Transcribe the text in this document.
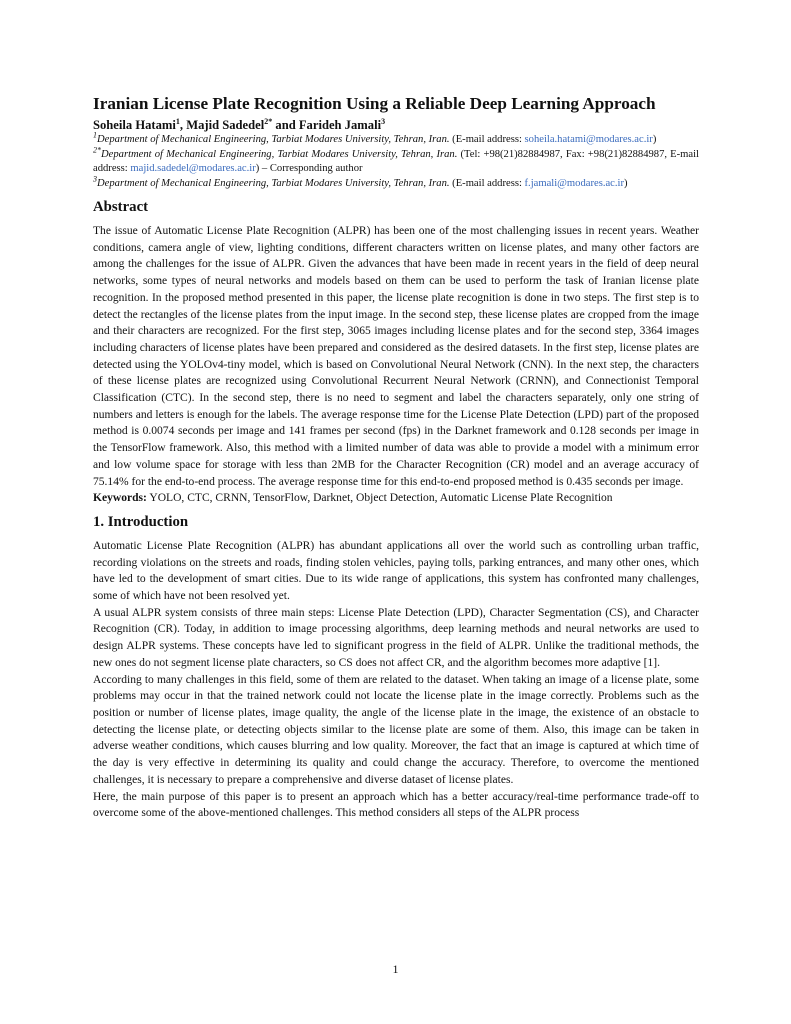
Iranian License Plate Recognition Using a Reliable Deep Learning Approach

Soheila Hatami$^1$, Majid Sadedel$^{2*}$ and Farideh Jamali$^3$

$^1$Department of Mechanical Engineering, Tarbiat Modares University, Tehran, Iran. (E-mail address: soheila.hatami@modares.ac.ir)

$^{2*}$Department of Mechanical Engineering, Tarbiat Modares University, Tehran, Iran. (Tel: +98(21)82884987, Fax: +98(21)82884987, E-mail address: majid.sadedel@modares.ac.ir) – Corresponding author

$^3$Department of Mechanical Engineering, Tarbiat Modares University, Tehran, Iran. (E-mail address: f.jamali@modares.ac.ir)

Abstract

The issue of Automatic License Plate Recognition (ALPR) has been one of the most challenging issues in recent years. Weather conditions, camera angle of view, lighting conditions, different characters written on license plates, and many other factors are among the challenges for the issue of ALPR. Given the advances that have been made in recent years in the field of deep neural networks, some types of neural networks and models based on them can be used to perform the task of Iranian license plate recognition. In the proposed method presented in this paper, the license plate recognition is done in two steps. The first step is to detect the rectangles of the license plates from the input image. In the second step, these license plates are cropped from the image and their characters are recognized. For the first step, 3065 images including license plates and for the second step, 3364 images including characters of license plates have been prepared and considered as the desired datasets. In the first step, license plates are detected using the YOLOv4-tiny model, which is based on Convolutional Neural Network (CNN). In the next step, the characters of these license plates are recognized using Convolutional Recurrent Neural Network (CRNN), and Connectionist Temporal Classification (CTC). In the second step, there is no need to segment and label the characters separately, only one string of numbers and letters is enough for the labels. The average response time for the License Plate Detection (LPD) part of the proposed method is 0.0074 seconds per image and 141 frames per second (fps) in the Darknet framework and 0.128 seconds per image in the TensorFlow framework. Also, this method with a limited number of data was able to provide a model with a minimum error and low volume space for storage with less than 2MB for the Character Recognition (CR) model and an average accuracy of 75.14% for the end-to-end process. The average response time for this end-to-end proposed method is 0.435 seconds per image.

Keywords: YOLO, CTC, CRNN, TensorFlow, Darknet, Object Detection, Automatic License Plate Recognition

1. Introduction

Automatic License Plate Recognition (ALPR) has abundant applications all over the world such as controlling urban traffic, recording violations on the streets and roads, finding stolen vehicles, paying tolls, parking entrances, and many other ones, which have led to the development of smart cities. Due to its wide range of applications, this system has confronted many challenges, some of which have not been resolved yet.

A usual ALPR system consists of three main steps: License Plate Detection (LPD), Character Segmentation (CS), and Character Recognition (CR). Today, in addition to image processing algorithms, deep learning methods and neural networks are used to design ALPR systems. These concepts have led to significant progress in the field of ALPR. Unlike the traditional methods, the new ones do not segment license plate characters, so CS does not affect CR, and the algorithm becomes more adaptive [1].

According to many challenges in this field, some of them are related to the dataset. When taking an image of a license plate, some problems may occur in that the trained network could not locate the license plate in the image correctly. Problems such as the position or number of license plates, image quality, the angle of the license plate in the image, the existence of an obstacle to detecting the license plate, or detecting objects similar to the license plate are some of them. Also, this image can be taken in adverse weather conditions, which causes blurring and low quality. Moreover, the fact that an image is captured at which time of the day is very effective in determining its quality and could change the accuracy. Therefore, to overcome the mentioned challenges, it is necessary to prepare a comprehensive and diverse dataset of license plates.

Here, the main purpose of this paper is to present an approach which has a better accuracy/real-time performance trade-off to overcome some of the above-mentioned challenges. This method considers all steps of the ALPR process

1
